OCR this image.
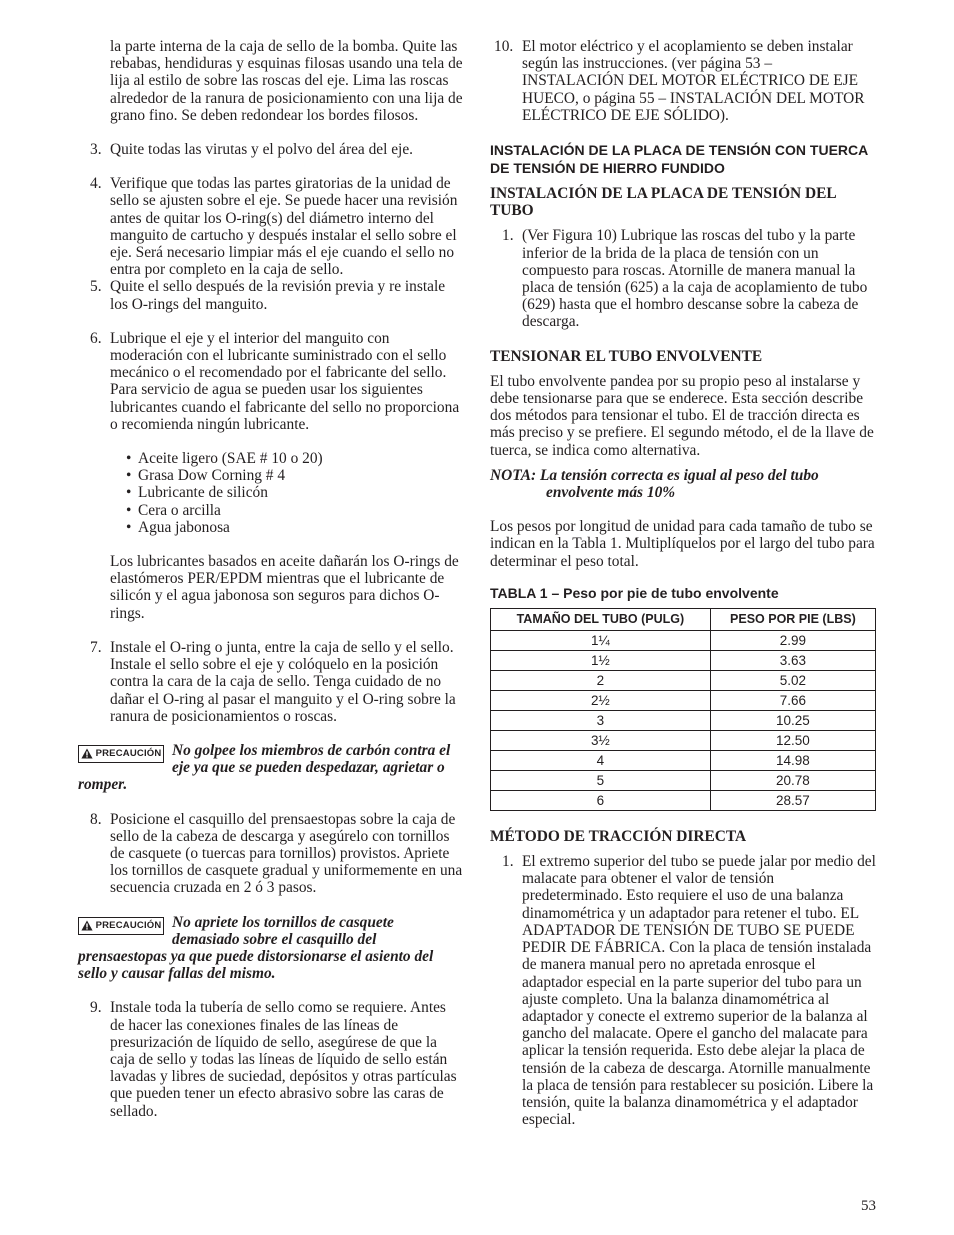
la parte interna de la caja de sello de la bomba. Quite las rebabas, hendiduras y esquinas filosas usando una tela de lija al estilo de sobre las roscas del eje. Lima las roscas alrededor de la ranura de posicionamiento con una lija de grano fino. Se deben redondear los bordes filosos.

3. Quite todas las virutas y el polvo del área del eje.
4. Verifique que todas las partes giratorias de la unidad de sello se ajusten sobre el eje. Se puede hacer una revisión antes de quitar los O-ring(s) del diámetro interno del manguito de cartucho y después instalar el sello sobre el eje. Será necesario limpiar más el eje cuando el sello no entra por completo en la caja de sello.
5. Quite el sello después de la revisión previa y re instale los O-rings del manguito.
6. Lubrique el eje y el interior del manguito con moderación con el lubricante suministrado con el sello mecánico o el recomendado por el fabricante del sello. Para servicio de agua se pueden usar los siguientes lubricantes cuando el fabricante del sello no proporciona o recomienda ningún lubricante.
• Aceite ligero (SAE # 10 o 20)
• Grasa Dow Corning # 4
• Lubricante de silicón
• Cera o arcilla
• Agua jabonosa

Los lubricantes basados en aceite dañarán los O-rings de elastómeros PER/EPDM mientras que el lubricante de silicón y el agua jabonosa son seguros para dichos O-rings.

7. Instale el O-ring o junta, entre la caja de sello y el sello. Instale el sello sobre el eje y colóquelo en la posición contra la cara de la caja de sello. Tenga cuidado de no dañar el O-ring al pasar el manguito y el O-ring sobre la ranura de posicionamientos o roscas.

PRECAUCIÓN No golpee los miembros de carbón contra el eje ya que se pueden despedazar, agrietar o romper.

8. Posicione el casquillo del prensaestopas sobre la caja de sello de la cabeza de descarga y asegúrelo con tornillos de casquete (o tuercas para tornillos) provistos. Apriete los tornillos de casquete gradual y uniformemente en una secuencia cruzada en 2 ó 3 pasos.

PRECAUCIÓN No apriete los tornillos de casquete demasiado sobre el casquillo del prensaestopas ya que puede distorsionarse el asiento del sello y causar fallas del mismo.

9. Instale toda la tubería de sello como se requiere. Antes de hacer las conexiones finales de las líneas de presurización de líquido de sello, asegúrese de que la caja de sello y todas las líneas de líquido de sello están lavadas y libres de suciedad, depósitos y otras partículas que pueden tener un efecto abrasivo sobre las caras de sellado.
10. El motor eléctrico y el acoplamiento se deben instalar según las instrucciones. (ver página 53 – INSTALACIÓN DEL MOTOR ELÉCTRICO DE EJE HUECO, o página 55 – INSTALACIÓN DEL MOTOR ELÉCTRICO DE EJE SÓLIDO).

INSTALACIÓN DE LA PLACA DE TENSIÓN CON TUERCA DE TENSIÓN DE HIERRO FUNDIDO

INSTALACIÓN DE LA PLACA DE TENSIÓN DEL TUBO

1. (Ver Figura 10) Lubrique las roscas del tubo y la parte inferior de la brida de la placa de tensión con un compuesto para roscas. Atornille de manera manual la placa de tensión (625) a la caja de acoplamiento de tubo (629) hasta que el hombro descanse sobre la cabeza de descarga.

TENSIONAR EL TUBO ENVOLVENTE

El tubo envolvente pandea por su propio peso al instalarse y debe tensionarse para que se enderece. Esta sección describe dos métodos para tensionar el tubo. El de tracción directa es más preciso y se prefiere. El segundo método, el de la llave de tuerca, se indica como alternativa.

NOTA: La tensión correcta es igual al peso del tubo
envolvente más 10%

Los pesos por longitud de unidad para cada tamaño de tubo se indican en la Tabla 1. Multiplíquelos por el largo del tubo para determinar el peso total.

TABLA 1 – Peso por pie de tubo envolvente

TAMAÑO DEL TUBO (PULG)	PESO POR PIE (LBS)
1¼	2.99
1½	3.63
2	5.02
2½	7.66
3	10.25
3½	12.50
4	14.98
5	20.78
6	28.57

MÉTODO DE TRACCIÓN DIRECTA

1. El extremo superior del tubo se puede jalar por medio del malacate para obtener el valor de tensión predeterminado. Esto requiere el uso de una balanza dinamométrica y un adaptador para retener el tubo. EL ADAPTADOR DE TENSIÓN DE TUBO SE PUEDE PEDIR DE FÁBRICA. Con la placa de tensión instalada de manera manual pero no apretada enrosque el adaptador especial en la parte superior del tubo para un ajuste completo. Una la balanza dinamométrica al adaptador y conecte el extremo superior de la balanza al gancho del malacate. Opere el gancho del malacate para aplicar la tensión requerida. Esto debe alejar la placa de tensión de la cabeza de descarga. Atornille manualmente la placa de tensión para restablecer su posición. Libere la tensión, quite la balanza dinamométrica y el adaptador especial.
53
